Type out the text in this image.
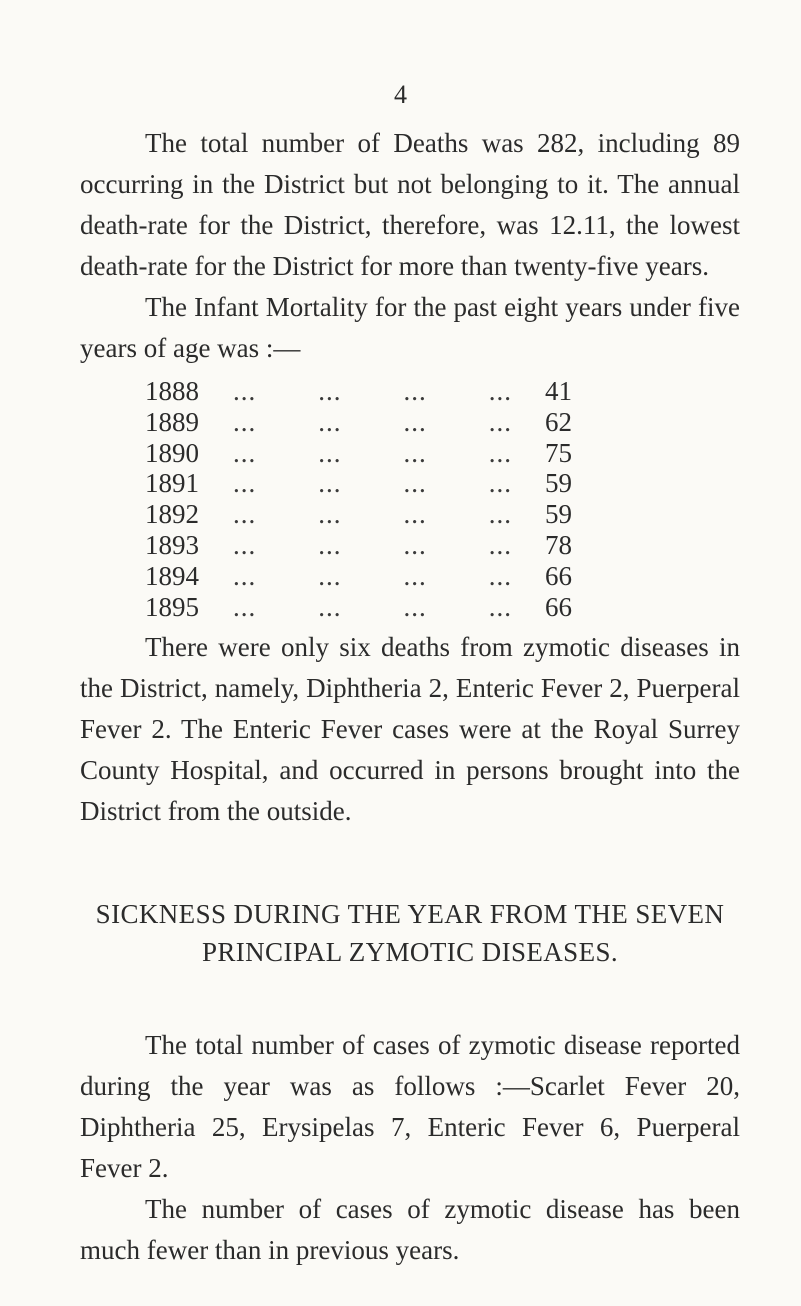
4

The total number of Deaths was 282, including 89 occurring in the District but not belonging to it. The annual death-rate for the District, therefore, was 12.11, the lowest death-rate for the District for more than twenty-five years.

The Infant Mortality for the past eight years under five years of age was :—

1888	...        ...        ...        ...	41
1889	...        ...        ...        ...	62
1890	...        ...        ...        ...	75
1891	...        ...        ...        ...	59
1892	...        ...        ...        ...	59
1893	...        ...        ...        ...	78
1894	...        ...        ...        ...	66
1895	...        ...        ...        ...	66

There were only six deaths from zymotic diseases in the District, namely, Diphtheria 2, Enteric Fever 2, Puerperal Fever 2. The Enteric Fever cases were at the Royal Surrey County Hospital, and occurred in persons brought into the District from the outside.

SICKNESS DURING THE YEAR FROM THE SEVEN PRINCIPAL ZYMOTIC DISEASES.

The total number of cases of zymotic disease reported during the year was as follows :—Scarlet Fever 20, Diphtheria 25, Erysipelas 7, Enteric Fever 6, Puerperal Fever 2.

The number of cases of zymotic disease has been much fewer than in previous years.
